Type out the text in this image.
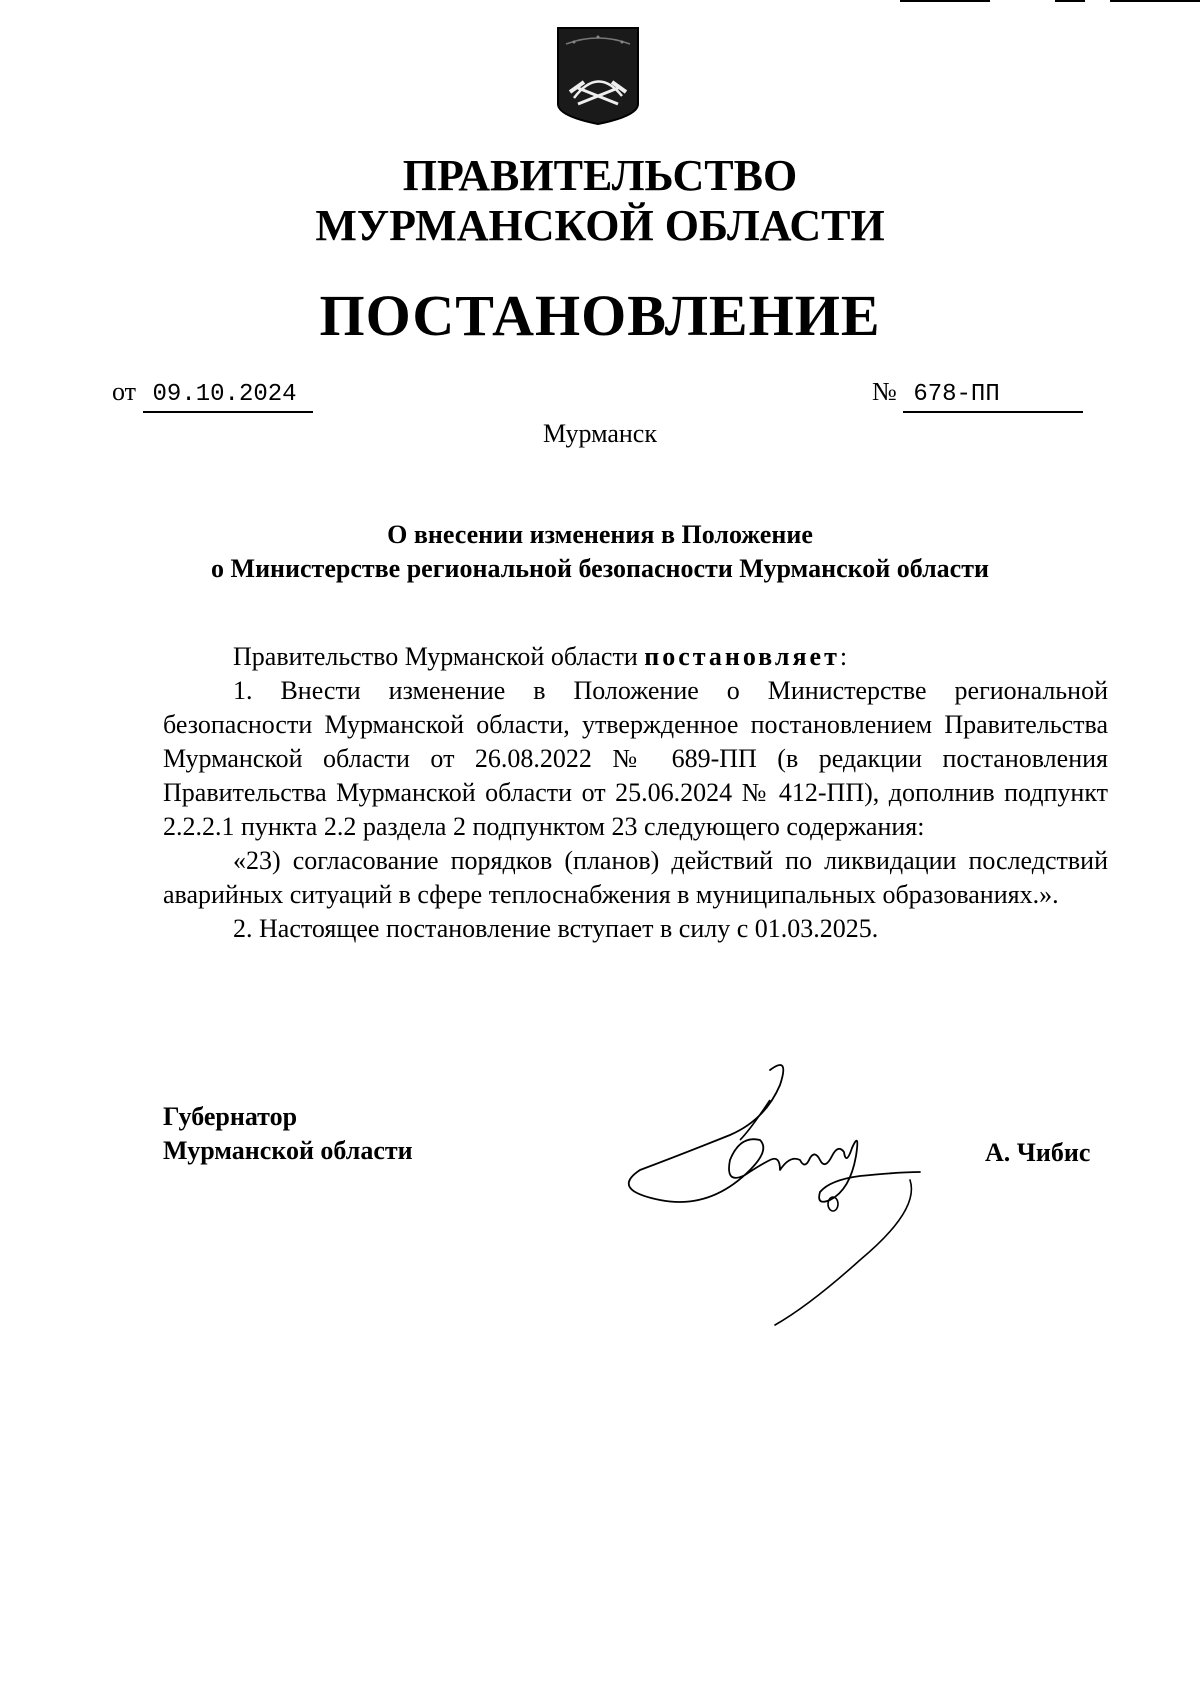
ПРАВИТЕЛЬСТВО
МУРМАНСКОЙ ОБЛАСТИ
ПОСТАНОВЛЕНИЕ
от 09.10.2024	№ 678-ПП
Мурманск
О внесении изменения в Положение
о Министерстве региональной безопасности Мурманской области

Правительство Мурманской области постановляет:

1. Внести изменение в Положение о Министерстве региональной безопасности Мурманской области, утвержденное постановлением Правительства Мурманской области от 26.08.2022 № 689-ПП (в редакции постановления Правительства Мурманской области от 25.06.2024 № 412-ПП), дополнив подпункт 2.2.2.1 пункта 2.2 раздела 2 подпунктом 23 следующего содержания:

«23) согласование порядков (планов) действий по ликвидации последствий аварийных ситуаций в сфере теплоснабжения в муниципальных образованиях.».

2. Настоящее постановление вступает в силу с 01.03.2025.

Губернатор
Мурманской области	А. Чибис
